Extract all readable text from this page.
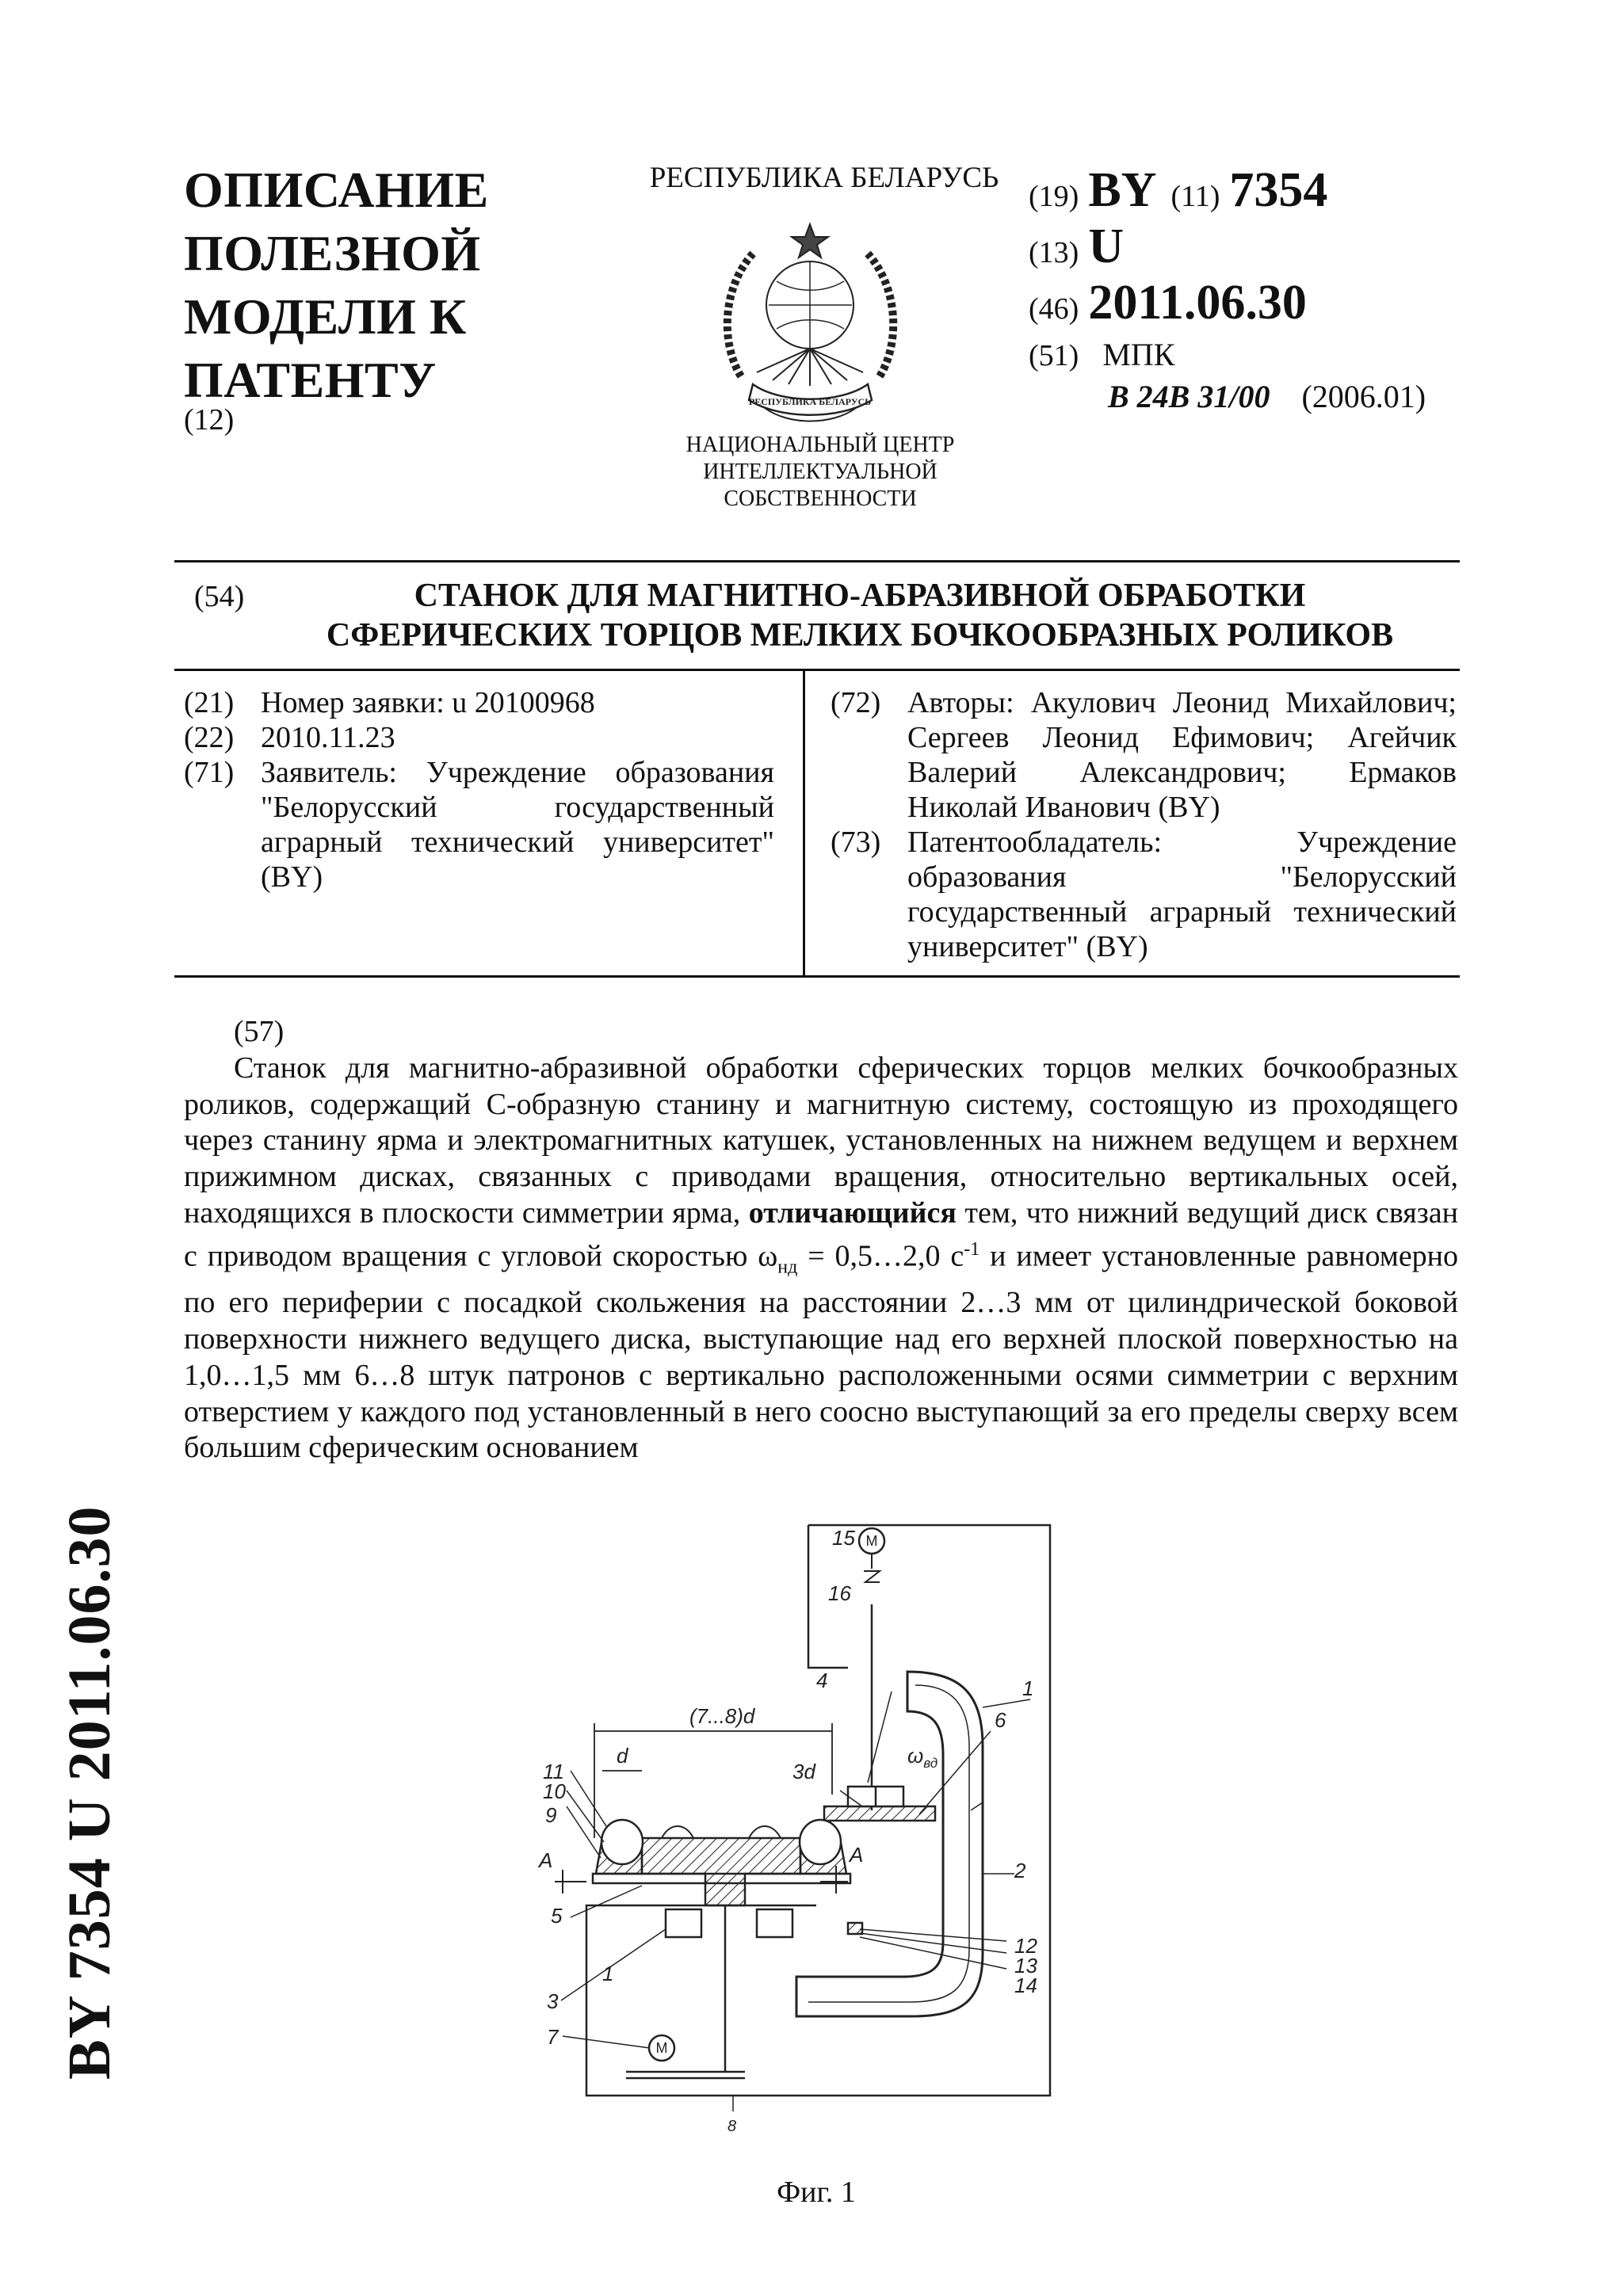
ОПИСАНИЕ
ПОЛЕЗНОЙ
МОДЕЛИ К
ПАТЕНТУ
(12)
РЕСПУБЛИКА БЕЛАРУСЬ
РЕСПУБЛИКА БЕЛАРУСЬ
НАЦИОНАЛЬНЫЙ ЦЕНТР
ИНТЕЛЛЕКТУАЛЬНОЙ
СОБСТВЕННОСТИ
(19) BY (11) 7354
(13) U
(46) 2011.06.30
(51) МПК
B 24B 31/00 (2006.01)
(54)	СТАНОК ДЛЯ МАГНИТНО-АБРАЗИВНОЙ ОБРАБОТКИ
СФЕРИЧЕСКИХ ТОРЦОВ МЕЛКИХ БОЧКООБРАЗНЫХ РОЛИКОВ
(21) Номер заявки: u 20100968
(22) 2010.11.23
(71) Заявитель: Учреждение образования "Белорусский государственный аграрный технический университет" (BY)
(72) Авторы: Акулович Леонид Михайлович; Сергеев Леонид Ефимович; Агейчик Валерий Александрович; Ермаков Николай Иванович (BY)
(73) Патентообладатель: Учреждение образования "Белорусский государственный аграрный технический университет" (BY)
(57)
Станок для магнитно-абразивной обработки сферических торцов мелких бочкообразных роликов, содержащий С-образную станину и магнитную систему, состоящую из проходящего через станину ярма и электромагнитных катушек, установленных на нижнем ведущем и верхнем прижимном дисках, связанных с приводами вращения, относительно вертикальных осей, находящихся в плоскости симметрии ярма, отличающийся тем, что нижний ведущий диск связан с приводом вращения с угловой скоростью $\omega_{нд}$ = 0,5…2,0 $c^{-1}$ и имеет установленные равномерно по его периферии с посадкой скольжения на расстоянии 2…3 мм от цилиндрической боковой поверхности нижнего ведущего диска, выступающие над его верхней плоской поверхностью на 1,0…1,5 мм 6…8 штук патронов с вертикально расположенными осями симметрии с верхним отверстием у каждого под установленный в него соосно выступающий за его пределы сверху всем большим сферическим основанием
BY 7354 U 2011.06.30	M
M
15
16
1
4
6
2
(7...8)d
d
3d
$\omega_{вд}$
11
10
9
A	A
5
1
3
7
12
13
14
8
Фиг. 1
